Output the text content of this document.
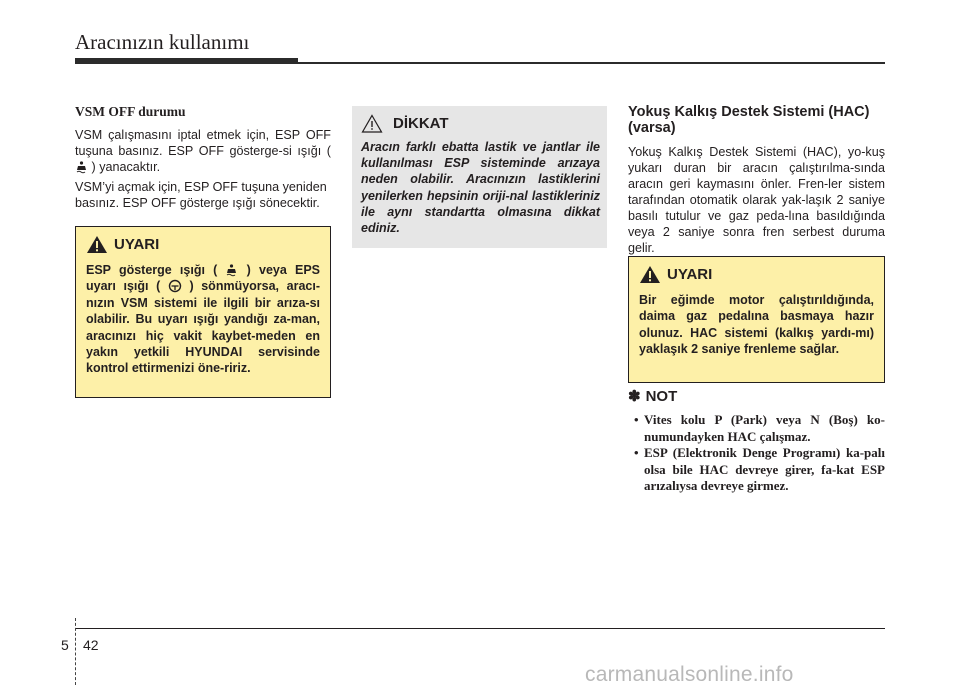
Aracınızın kullanımı
VSM OFF durumu

VSM çalışmasını iptal etmek için, ESP OFF tuşuna basınız. ESP OFF gösterge-si ışığı (  ) yanacaktır.

VSM’yi açmak için, ESP OFF tuşuna yeniden basınız. ESP OFF gösterge ışığı sönecektir.

UYARI
ESP gösterge ışığı ( ) veya EPS uyarı ışığı ( ) sönmüyorsa, aracı-nızın VSM sistemi ile ilgili bir arıza-sı olabilir. Bu uyarı ışığı yandığı za-man, aracınızı hiç vakit kaybet-meden en yakın yetkili HYUNDAI servisinde kontrol ettirmenizi öne-ririz.
DİKKAT
Aracın farklı ebatta lastik ve jantlar ile kullanılması ESP sisteminde arızaya neden olabilir. Aracınızın lastiklerini yenilerken hepsinin oriji-nal lastikleriniz ile aynı standartta olmasına dikkat ediniz.
Yokuş Kalkış Destek Sistemi (HAC) (varsa)

Yokuş Kalkış Destek Sistemi (HAC), yo-kuş yukarı duran bir aracın çalıştırılma-sında aracın geri kaymasını önler. Fren-ler sistem tarafından otomatik olarak yak-laşık 2 saniye basılı tutulur ve gaz peda-lına basıldığında veya 2 saniye sonra fren serbest duruma gelir.

UYARI
Bir eğimde motor çalıştırıldığında, daima gaz pedalına basmaya hazır olunuz. HAC sistemi (kalkış yardı-mı) yaklaşık 2 saniye frenleme sağlar.
✽ NOT
• Vites kolu P (Park) veya N (Boş) ko-numundayken HAC çalışmaz.
• ESP (Elektronik Denge Programı) ka-palı olsa bile HAC devreye girer, fa-kat ESP arızalıysa devreye girmez.
5 42
carmanualsonline.info
